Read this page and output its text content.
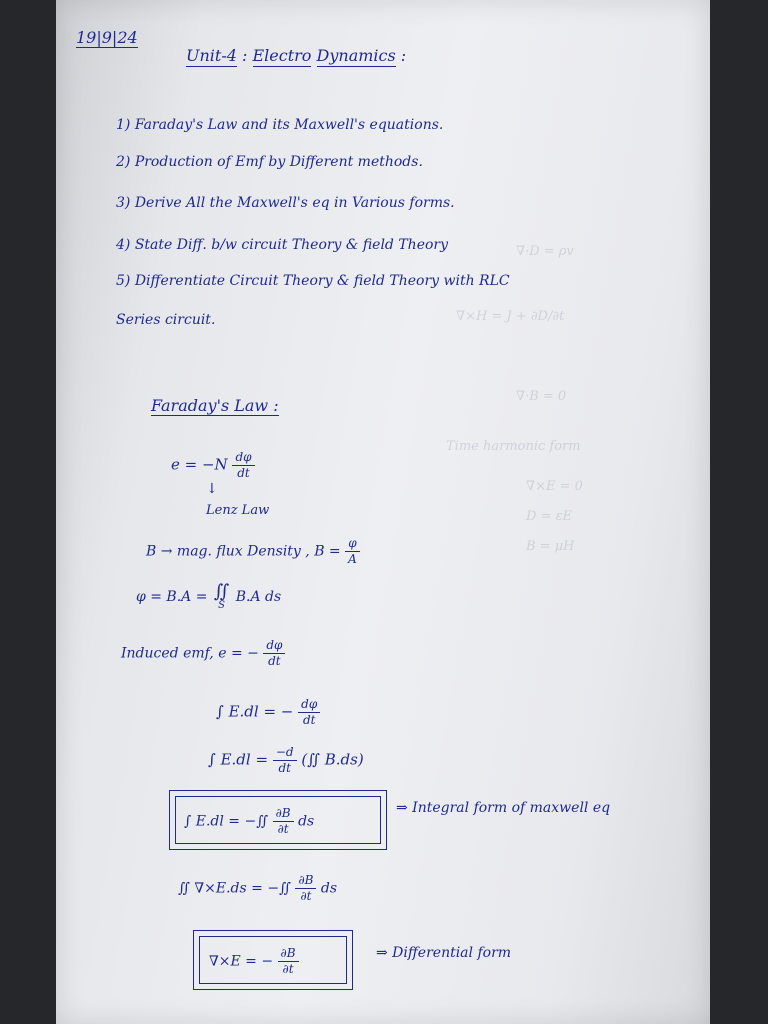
∇·D = ρv
∇×H = J + ∂D/∂t
∇·B = 0
Time harmonic form
∇×E = 0
D = εE
B = μH
19|9|24
Unit-4 : Electro Dynamics :
1) Faraday's Law and its Maxwell's equations.
2) Production of Emf by Different methods.
3) Derive All the Maxwell's eq in Various forms.
4) State Diff. b/w circuit Theory & field Theory
5) Differentiate Circuit Theory & field Theory with RLC
Series circuit.
Faraday's Law :
$e = -N \frac{d\varphi}{dt}$
↓
Lenz Law
B → mag. flux Density , $B = \frac{\varphi}{A}$
φ = B.A = ∬
S
B.A ds
Induced emf, e = − $\frac{d\varphi}{dt}$
∫ E.dl = − $\frac{d\varphi}{dt}$
∫ $E.dl = \frac{-d}{dt}$ (∬ B.ds)
∫ E.dl = −∬ $\frac{\partial B}{\partial t}$ ds
⇒ Integral form of maxwell eq
∬ ∇×E.ds = −∬ $\frac{\partial B}{\partial t}$ ds
∇×E = − $\frac{\partial B}{\partial t}$	⇒ Differential form
